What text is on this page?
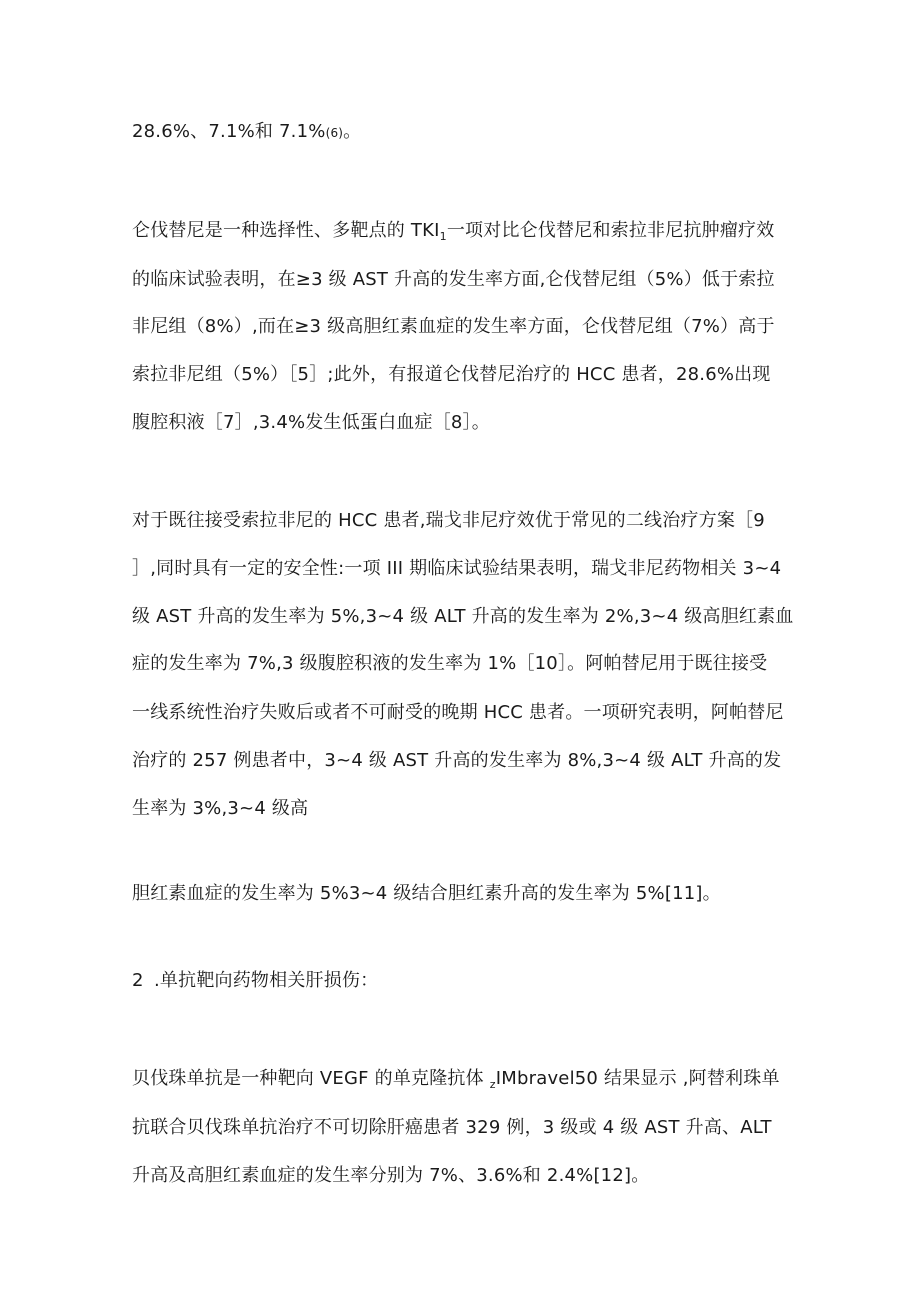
28.6%、7.1%和 7.1%(6)。
仑伐替尼是一种选择性、多靶点的 $TKI_1$一项对比仑伐替尼和索拉非尼抗肿瘤疗效
的临床试验表明，在≥3 级 AST 升高的发生率方面,仑伐替尼组（5%）低于索拉
非尼组（8%）,而在≥3 级高胆红素血症的发生率方面，仑伐替尼组（7%）高于
索拉非尼组（5%）［5］;此外，有报道仑伐替尼治疗的 HCC 患者，28.6%出现
腹腔积液［7］,3.4%发生低蛋白血症［8］。
对于既往接受索拉非尼的 HCC 患者,瑞戈非尼疗效优于常见的二线治疗方案［9
］,同时具有一定的安全性:一项 III 期临床试验结果表明，瑞戈非尼药物相关 3~4
级 AST 升高的发生率为 5%,3~4 级 ALT 升高的发生率为 2%,3~4 级高胆红素血
症的发生率为 7%,3 级腹腔积液的发生率为 1%［10］。阿帕替尼用于既往接受
一线系统性治疗失败后或者不可耐受的晚期 HCC 患者。一项研究表明，阿帕替尼
治疗的 257 例患者中，3~4 级 AST 升高的发生率为 8%,3~4 级 ALT 升高的发
生率为 3%,3~4 级高
胆红素血症的发生率为 5%3~4 级结合胆红素升高的发生率为 5%[11]。
2 .单抗靶向药物相关肝损伤：
贝伐珠单抗是一种靶向 VEGF 的单克隆抗体 $_z$IMbravel50 结果显示 ,阿替利珠单
抗联合贝伐珠单抗治疗不可切除肝癌患者 329 例，3 级或 4 级 AST 升高、ALT
升高及高胆红素血症的发生率分别为 7%、3.6%和 2.4%[12]。
